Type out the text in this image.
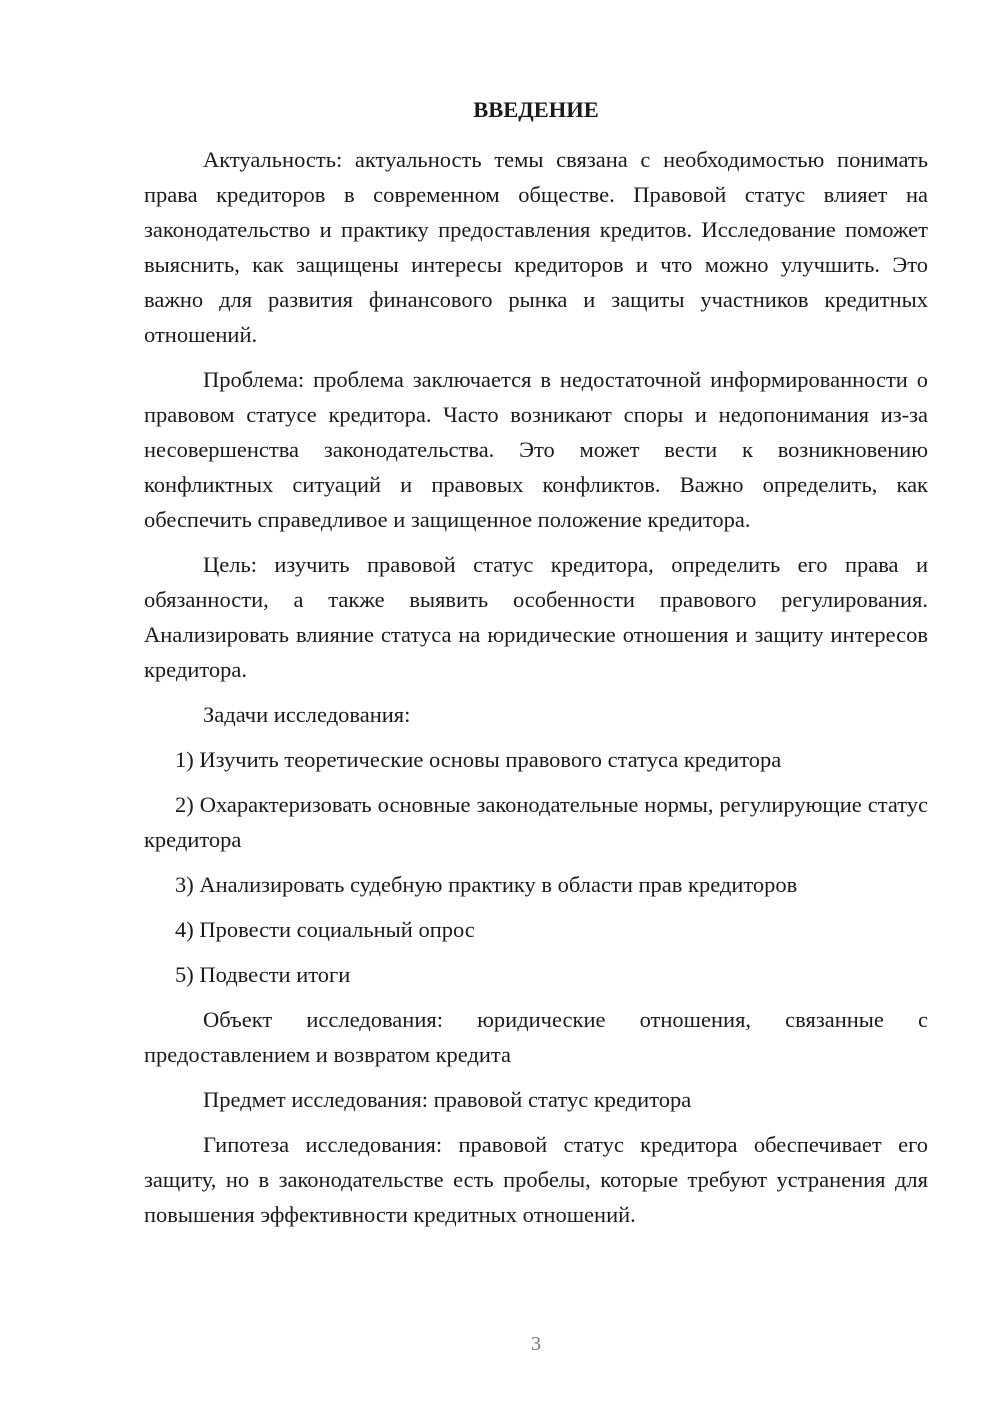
ВВЕДЕНИЕ

Актуальность: актуальность темы связана с необходимостью понимать права кредиторов в современном обществе. Правовой статус влияет на законодательство и практику предоставления кредитов. Исследование поможет выяснить, как защищены интересы кредиторов и что можно улучшить. Это важно для развития финансового рынка и защиты участников кредитных отношений.

Проблема: проблема заключается в недостаточной информированности о правовом статусе кредитора. Часто возникают споры и недопонимания из-за несовершенства законодательства. Это может вести к возникновению конфликтных ситуаций и правовых конфликтов. Важно определить, как обеспечить справедливое и защищенное положение кредитора.

Цель: изучить правовой статус кредитора, определить его права и обязанности, а также выявить особенности правового регулирования. Анализировать влияние статуса на юридические отношения и защиту интересов кредитора.

Задачи исследования:

1) Изучить теоретические основы правового статуса кредитора

2) Охарактеризовать основные законодательные нормы, регулирующие статус кредитора

3) Анализировать судебную практику в области прав кредиторов

4) Провести социальный опрос

5) Подвести итоги

Объект исследования: юридические отношения, связанные с предоставлением и возвратом кредита

Предмет исследования: правовой статус кредитора

Гипотеза исследования: правовой статус кредитора обеспечивает его защиту, но в законодательстве есть пробелы, которые требуют устранения для повышения эффективности кредитных отношений.

3
